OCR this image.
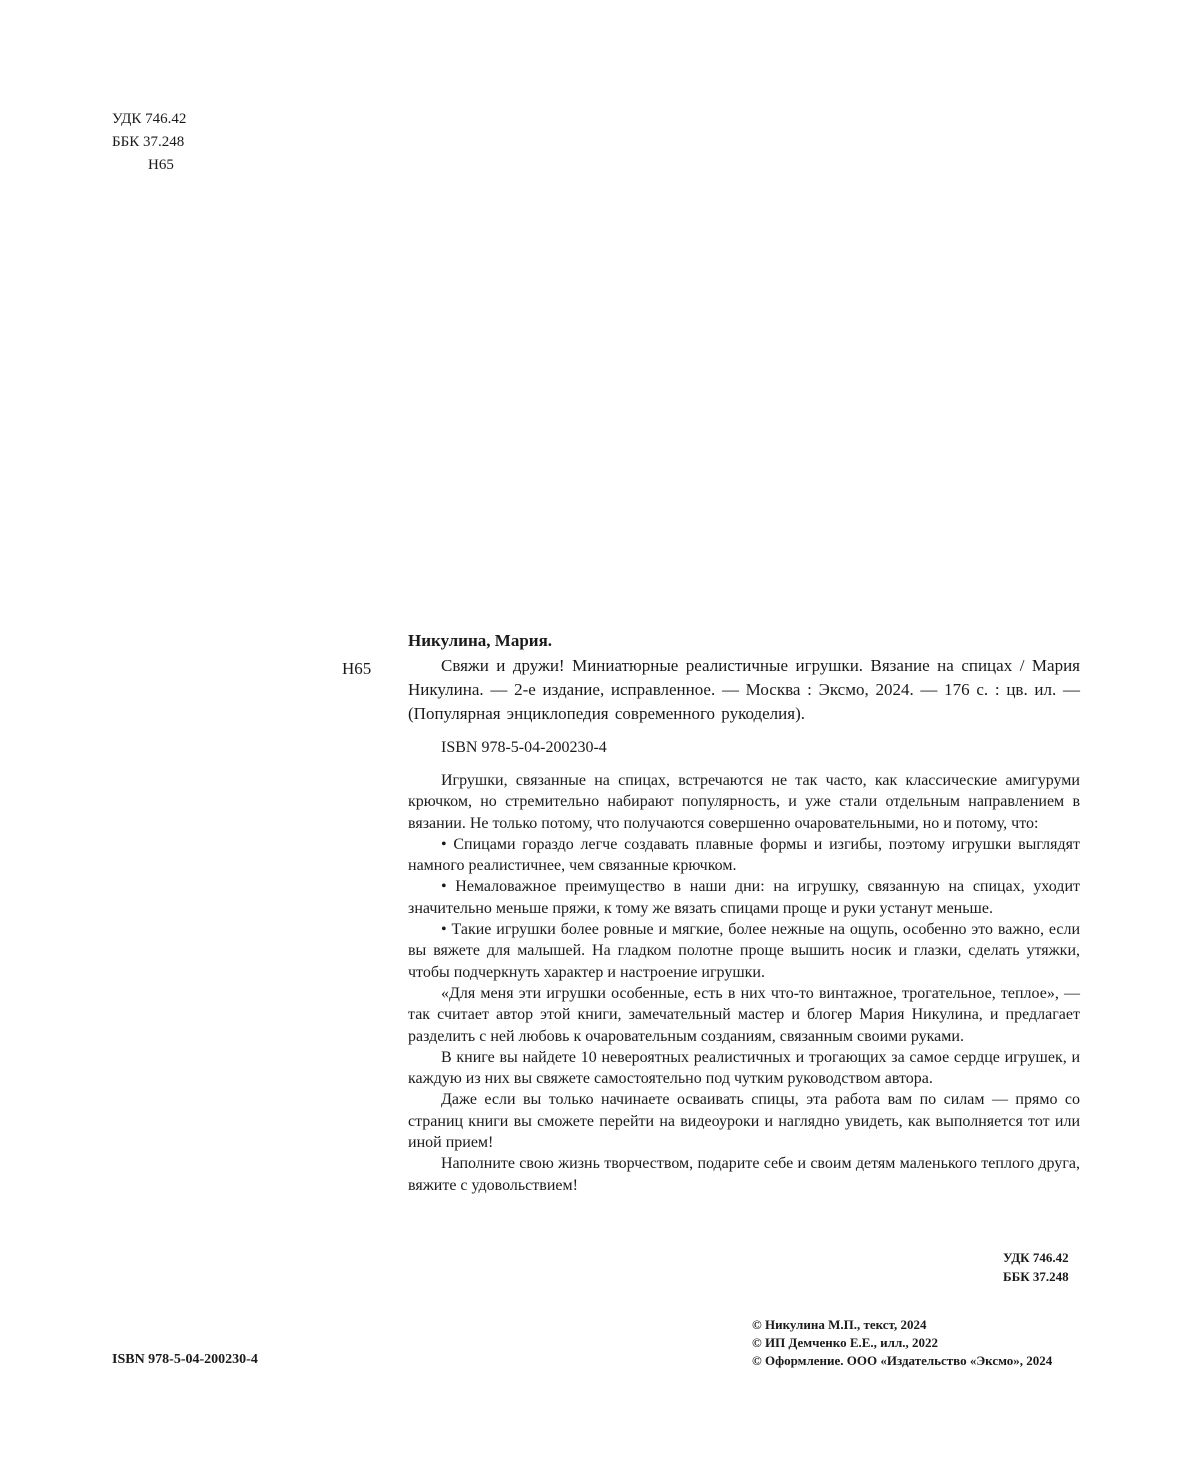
УДК 746.42
ББК 37.248
Н65
Никулина, Мария.
Н65	Свяжи и дружи! Миниатюрные реалистичные игрушки. Вязание на спицах / Мария Никулина. — 2-е издание, исправленное. — Москва : Эксмо, 2024. — 176 с. : цв. ил. — (Популярная энциклопедия современного рукоделия).
ISBN 978-5-04-200230-4

Игрушки, связанные на спицах, встречаются не так часто, как классические амигуруми крючком, но стремительно набирают популярность, и уже стали отдельным направлением в вязании. Не только потому, что получаются совершенно очаровательными, но и потому, что:

• Спицами гораздо легче создавать плавные формы и изгибы, поэтому игрушки выглядят намного реалистичнее, чем связанные крючком.

• Немаловажное преимущество в наши дни: на игрушку, связанную на спицах, уходит значительно меньше пряжи, к тому же вязать спицами проще и руки устанут меньше.

• Такие игрушки более ровные и мягкие, более нежные на ощупь, особенно это важно, если вы вяжете для малышей. На гладком полотне проще вышить носик и глазки, сделать утяжки, чтобы подчеркнуть характер и настроение игрушки.

«Для меня эти игрушки особенные, есть в них что-то винтажное, трогательное, теплое», — так считает автор этой книги, замечательный мастер и блогер Мария Никулина, и предлагает разделить с ней любовь к очаровательным созданиям, связанным своими руками.

В книге вы найдете 10 невероятных реалистичных и трогающих за самое сердце игрушек, и каждую из них вы свяжете самостоятельно под чутким руководством автора.

Даже если вы только начинаете осваивать спицы, эта работа вам по силам — прямо со страниц книги вы сможете перейти на видеоуроки и наглядно увидеть, как выполняется тот или иной прием!

Наполните свою жизнь творчеством, подарите себе и своим детям маленького теплого друга, вяжите с удовольствием!

УДК 746.42
ББК 37.248
ISBN 978-5-04-200230-4
© Никулина М.П., текст, 2024
© ИП Демченко Е.Е., илл., 2022
© Оформление. ООО «Издательство «Эксмо», 2024
